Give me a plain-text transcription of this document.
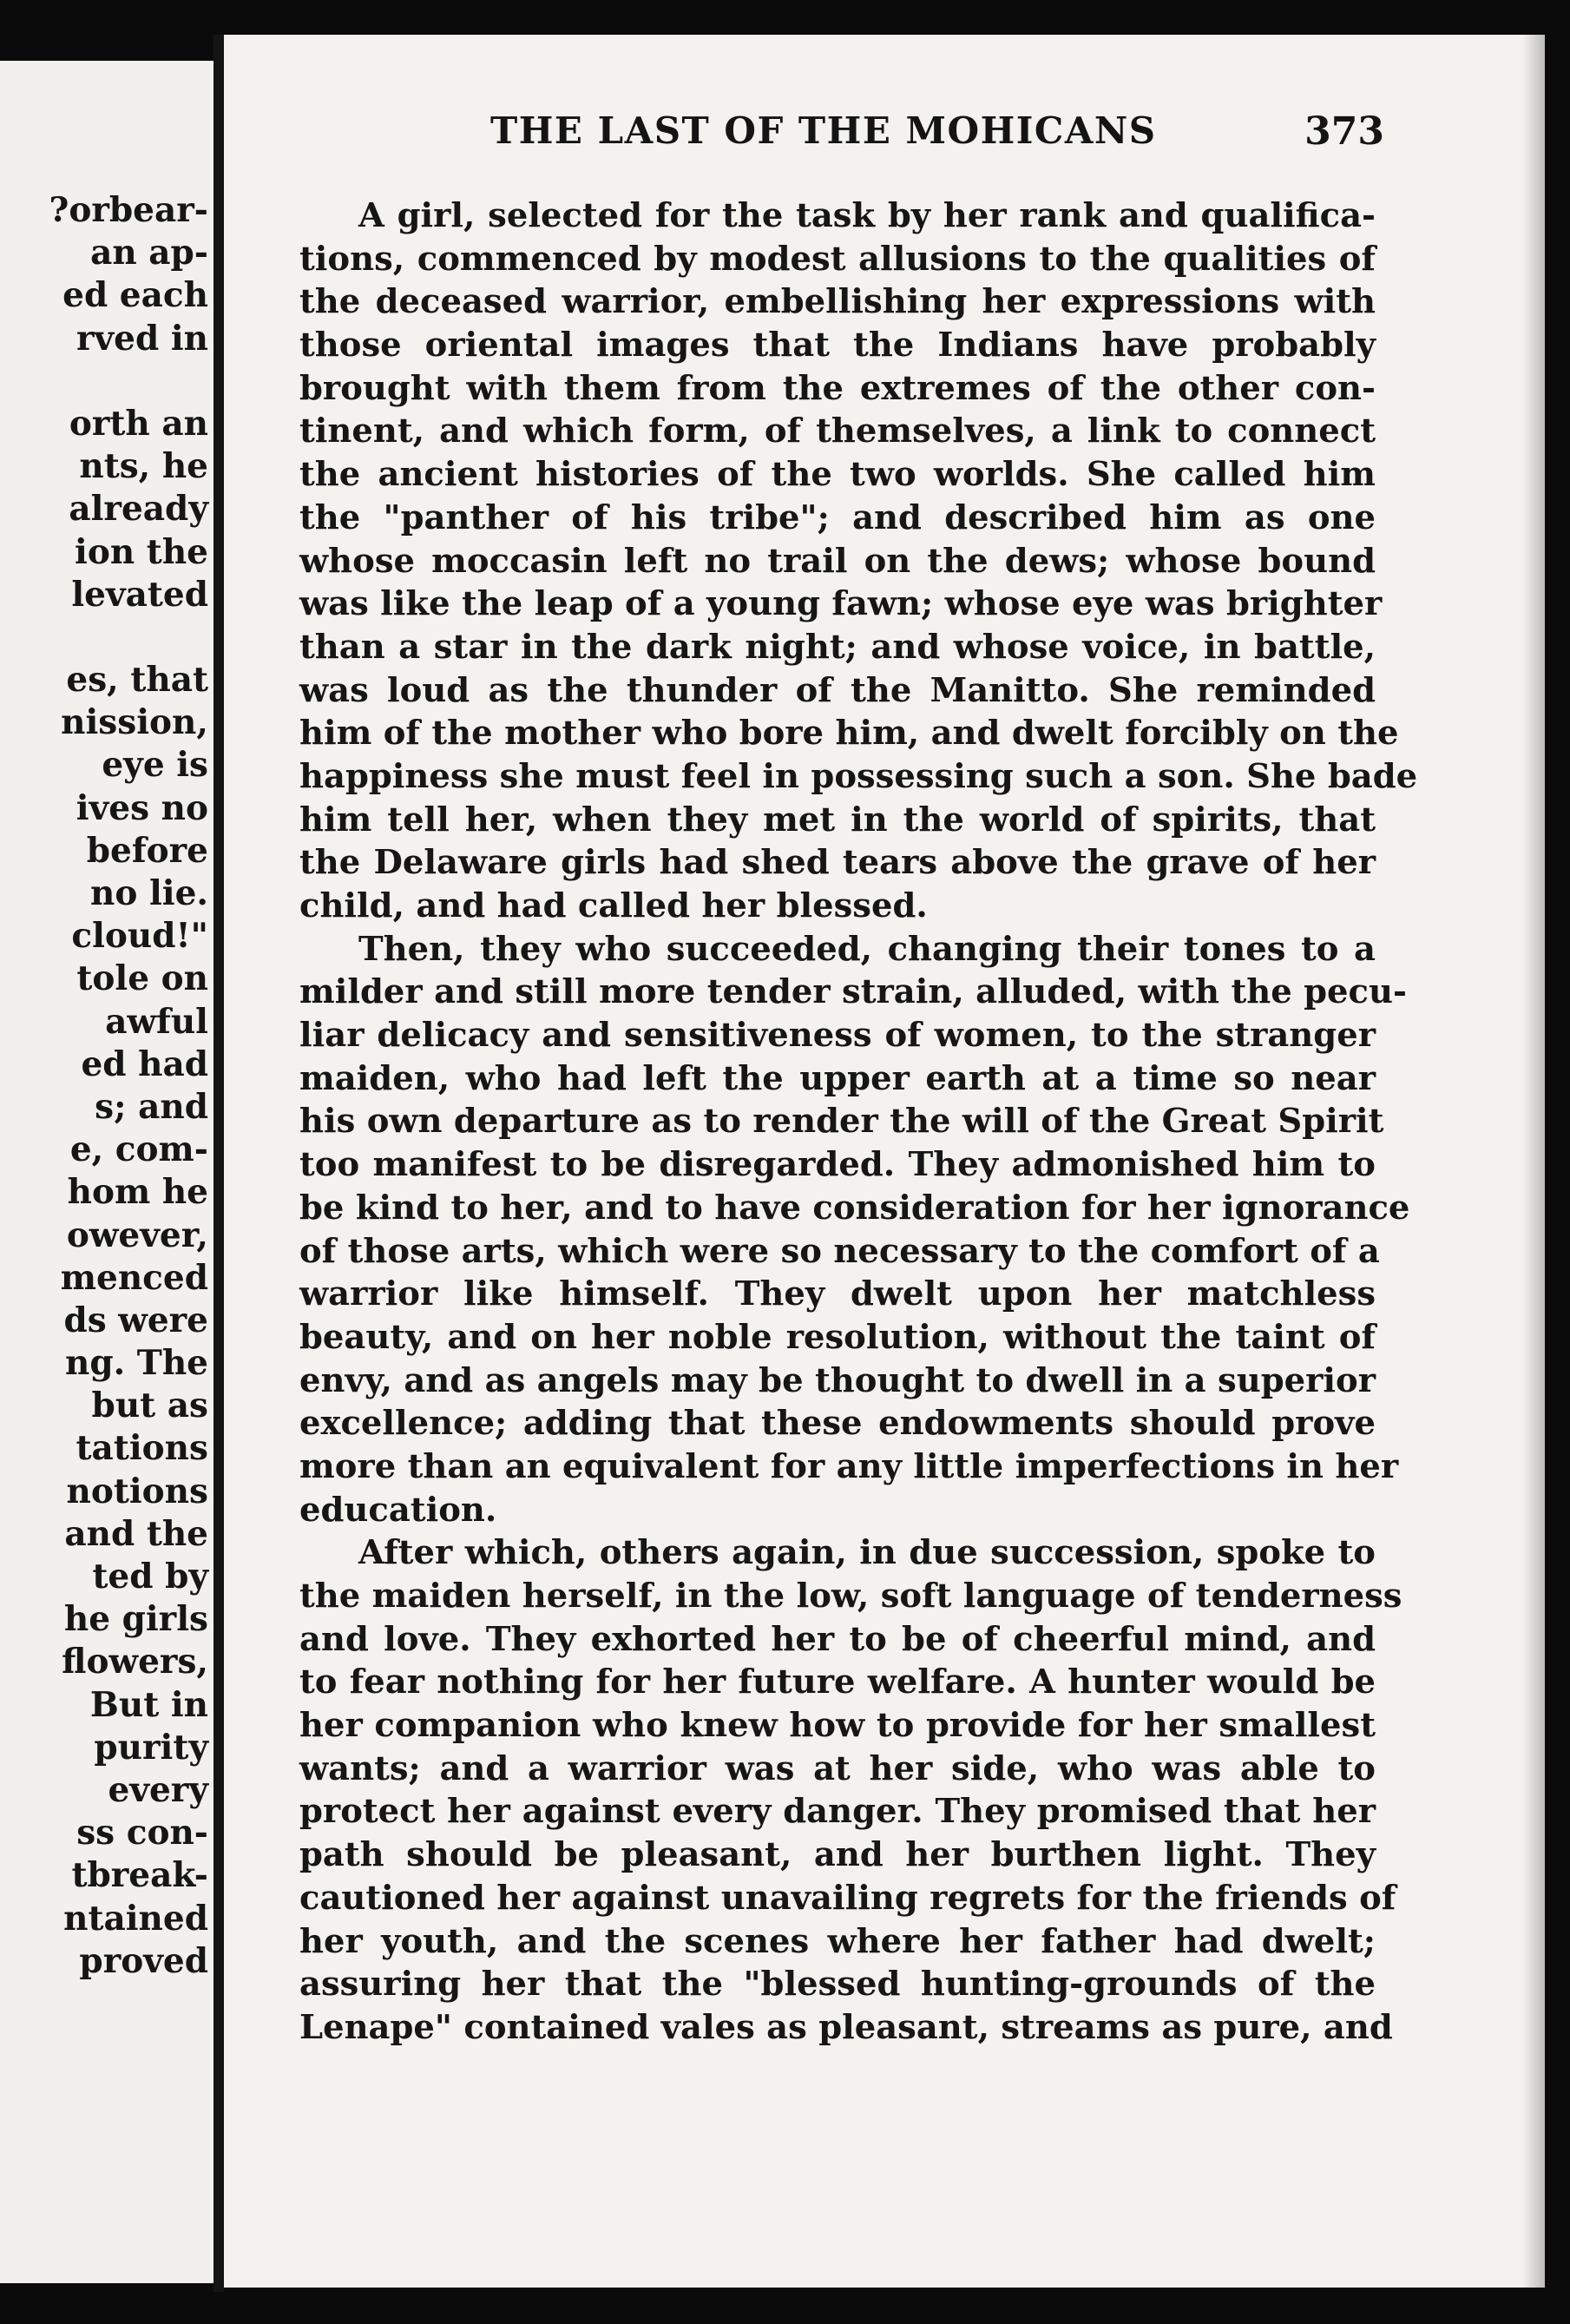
?orbear-
an ap-
ed each
rved in
orth an
nts, he
already
ion the
levated
es, that
nission,
eye is
ives no
before
no lie.
cloud!"
tole on
awful
ed had
s; and
e, com-
hom he
owever,
menced
ds were
ng. The
but as
tations
notions
and the
ted by
he girls
flowers,
But in
purity
every
ss con-
tbreak-
ntained
proved
THE LAST OF THE MOHICANS	373
A girl, selected for the task by her rank and qualifica-
tions, commenced by modest allusions to the qualities of
the deceased warrior, embellishing her expressions with
those oriental images that the Indians have probably
brought with them from the extremes of the other con-
tinent, and which form, of themselves, a link to connect
the ancient histories of the two worlds. She called him
the "panther of his tribe"; and described him as one
whose moccasin left no trail on the dews; whose bound
was like the leap of a young fawn; whose eye was brighter
than a star in the dark night; and whose voice, in battle,
was loud as the thunder of the Manitto. She reminded
him of the mother who bore him, and dwelt forcibly on the
happiness she must feel in possessing such a son. She bade
him tell her, when they met in the world of spirits, that
the Delaware girls had shed tears above the grave of her
child, and had called her blessed.
Then, they who succeeded, changing their tones to a
milder and still more tender strain, alluded, with the pecu-
liar delicacy and sensitiveness of women, to the stranger
maiden, who had left the upper earth at a time so near
his own departure as to render the will of the Great Spirit
too manifest to be disregarded. They admonished him to
be kind to her, and to have consideration for her ignorance
of those arts, which were so necessary to the comfort of a
warrior like himself. They dwelt upon her matchless
beauty, and on her noble resolution, without the taint of
envy, and as angels may be thought to dwell in a superior
excellence; adding that these endowments should prove
more than an equivalent for any little imperfections in her
education.
After which, others again, in due succession, spoke to
the maiden herself, in the low, soft language of tenderness
and love. They exhorted her to be of cheerful mind, and
to fear nothing for her future welfare. A hunter would be
her companion who knew how to provide for her smallest
wants; and a warrior was at her side, who was able to
protect her against every danger. They promised that her
path should be pleasant, and her burthen light. They
cautioned her against unavailing regrets for the friends of
her youth, and the scenes where her father had dwelt;
assuring her that the "blessed hunting-grounds of the
Lenape" contained vales as pleasant, streams as pure, and
